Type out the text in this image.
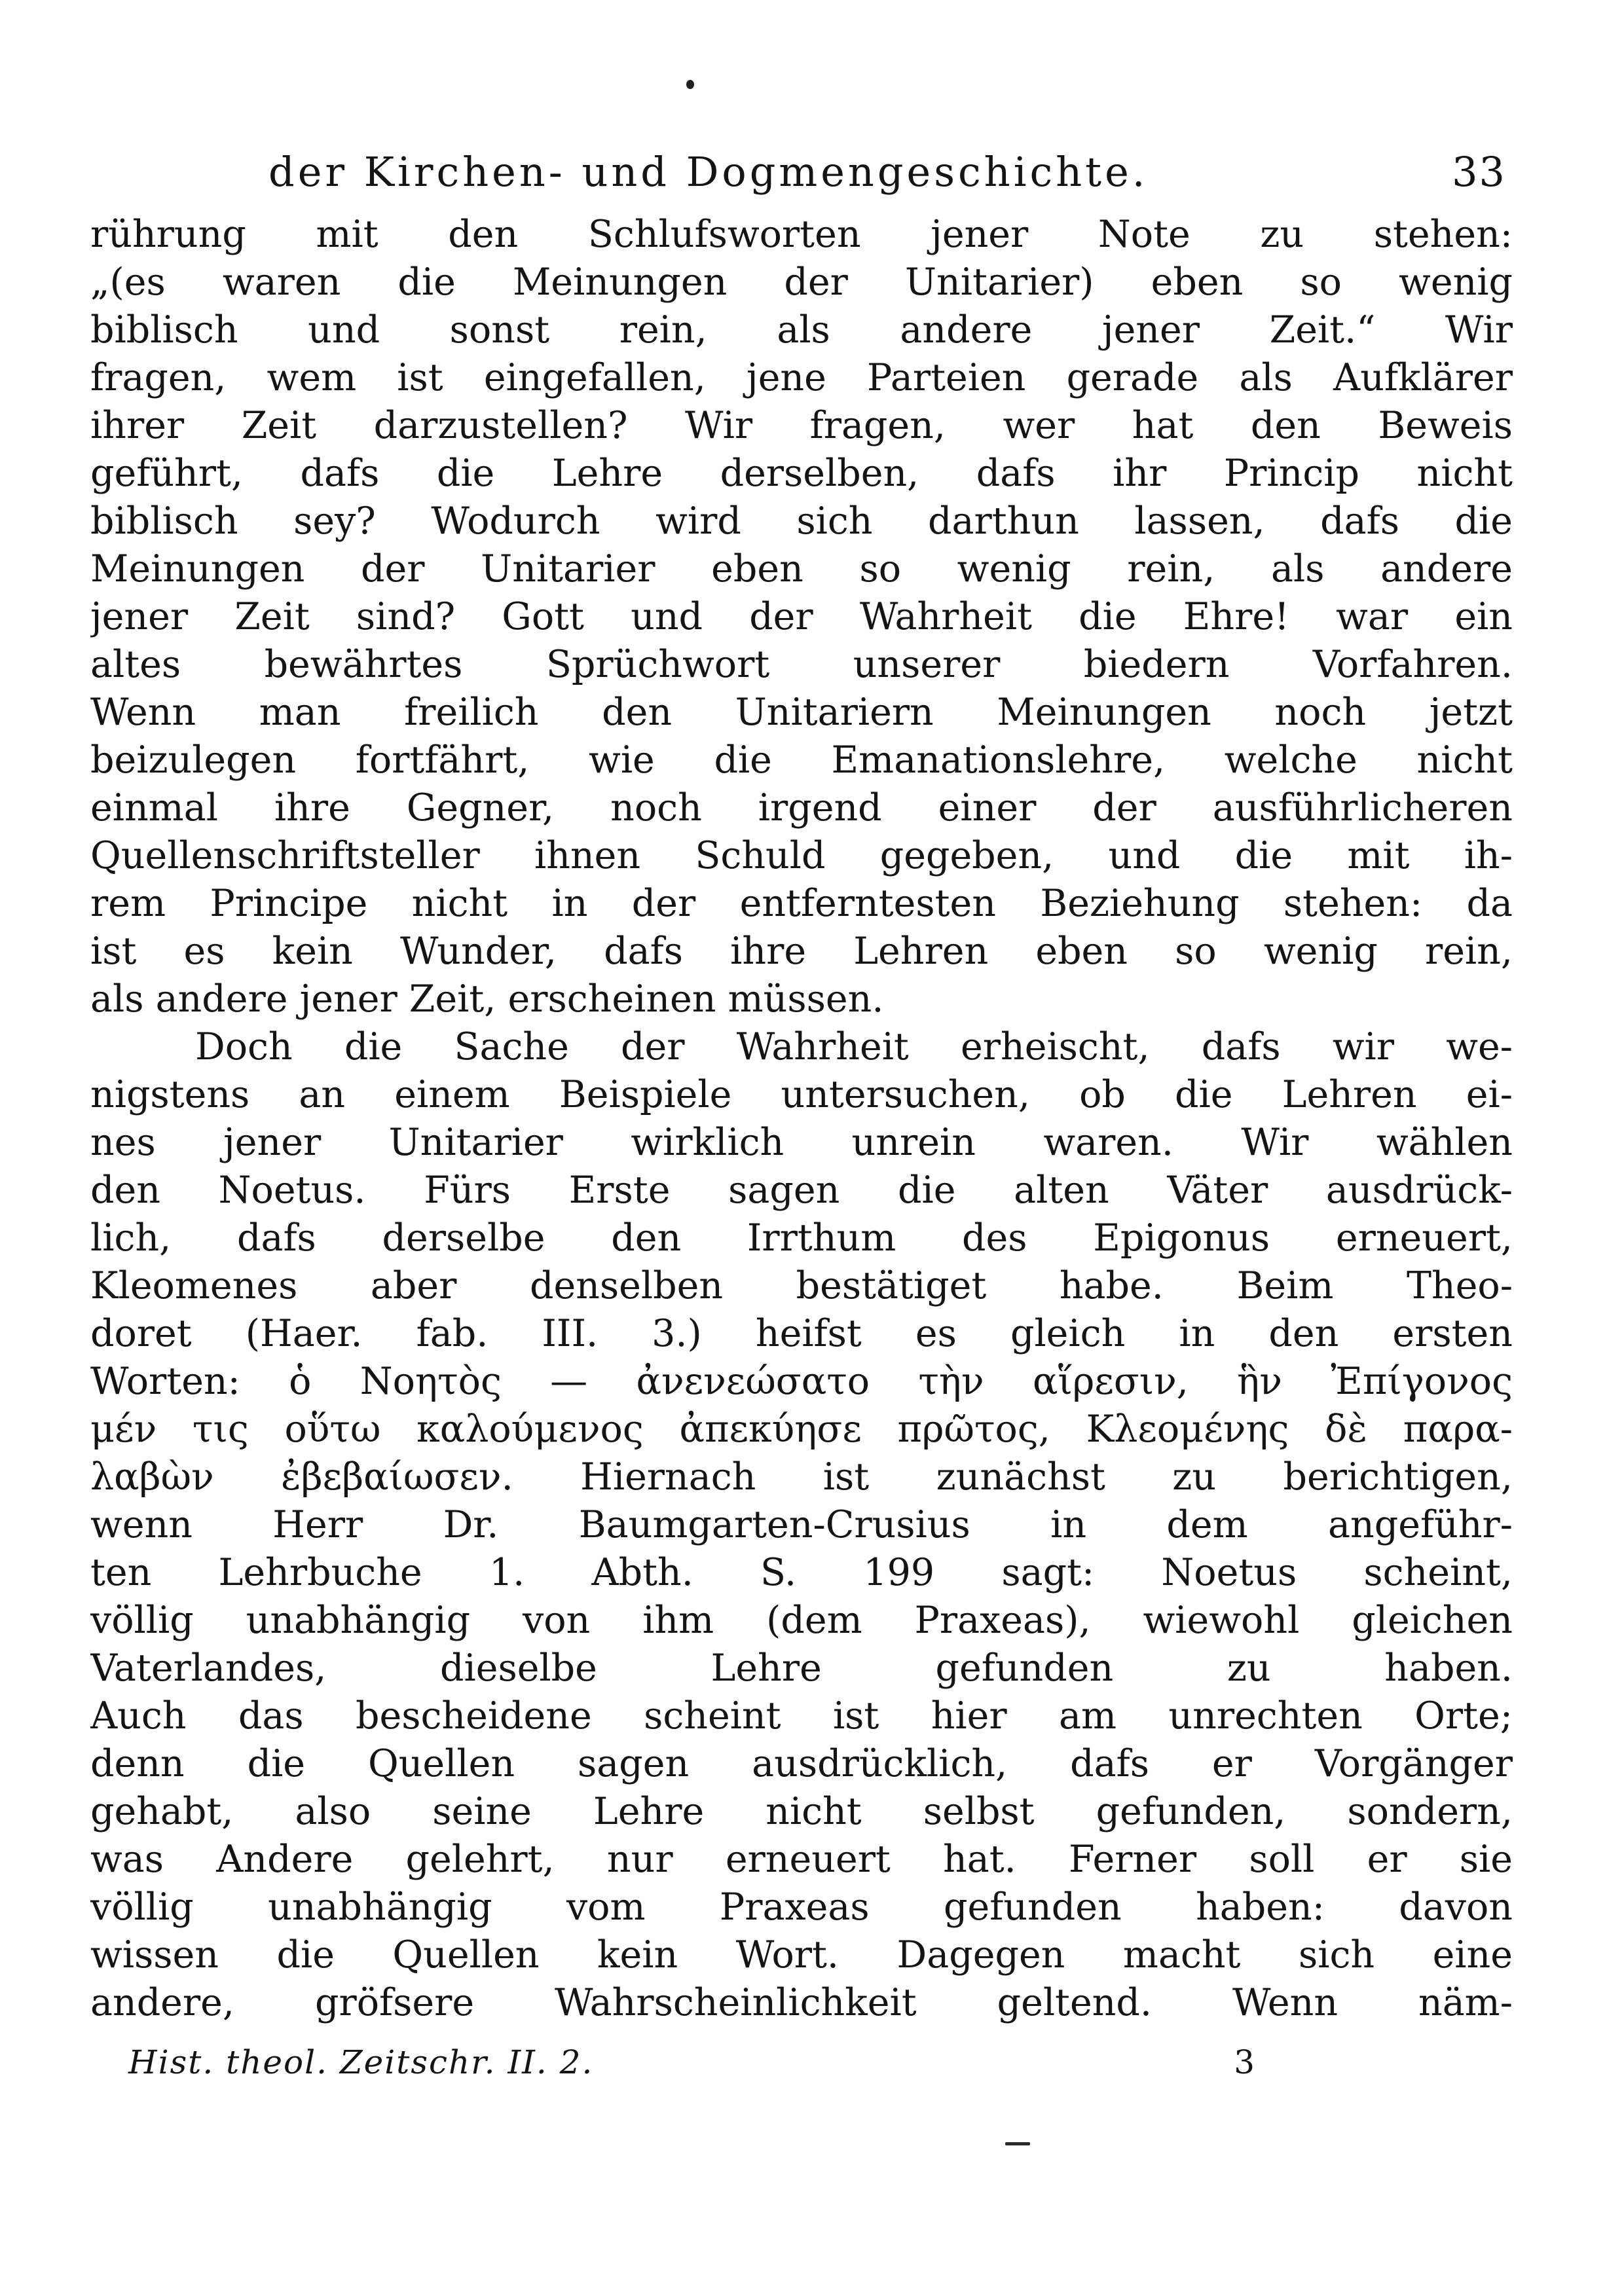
der Kirchen- und Dogmengeschichte.	33
rührung mit den Schlufsworten jener Note zu stehen:
„(es waren die Meinungen der Unitarier) eben so wenig
biblisch und sonst rein, als andere jener Zeit.“ Wir
fragen, wem ist eingefallen, jene Parteien gerade als Aufklärer
ihrer Zeit darzustellen? Wir fragen, wer hat den Beweis
geführt, dafs die Lehre derselben, dafs ihr Princip nicht
biblisch sey? Wodurch wird sich darthun lassen, dafs die
Meinungen der Unitarier eben so wenig rein, als andere
jener Zeit sind? Gott und der Wahrheit die Ehre! war ein
altes bewährtes Sprüchwort unserer biedern Vorfahren.
Wenn man freilich den Unitariern Meinungen noch jetzt
beizulegen fortfährt, wie die Emanationslehre, welche nicht
einmal ihre Gegner, noch irgend einer der ausführlicheren
Quellenschriftsteller ihnen Schuld gegeben, und die mit ih-
rem Principe nicht in der entferntesten Beziehung stehen: da
ist es kein Wunder, dafs ihre Lehren eben so wenig rein,
als andere jener Zeit, erscheinen müssen.
Doch die Sache der Wahrheit erheischt, dafs wir we-
nigstens an einem Beispiele untersuchen, ob die Lehren ei-
nes jener Unitarier wirklich unrein waren. Wir wählen
den Noetus. Fürs Erste sagen die alten Väter ausdrück-
lich, dafs derselbe den Irrthum des Epigonus erneuert,
Kleomenes aber denselben bestätiget habe. Beim Theo-
doret (Haer. fab. III. 3.) heifst es gleich in den ersten
Worten: ὁ Νοητὸς — ἀνενεώσατο τὴν αἵρεσιν, ἣν Ἐπίγονος
μέν τις οὕτω καλούμενος ἀπεκύησε πρῶτος, Κλεομένης δὲ παρα-
λαβὼν ἐβεβαίωσεν. Hiernach ist zunächst zu berichtigen,
wenn Herr Dr. Baumgarten-Crusius in dem angeführ-
ten Lehrbuche 1. Abth. S. 199 sagt: Noetus scheint,
völlig unabhängig von ihm (dem Praxeas), wiewohl gleichen
Vaterlandes, dieselbe Lehre gefunden zu haben.
Auch das bescheidene scheint ist hier am unrechten Orte;
denn die Quellen sagen ausdrücklich, dafs er Vorgänger
gehabt, also seine Lehre nicht selbst gefunden, sondern,
was Andere gelehrt, nur erneuert hat. Ferner soll er sie
völlig unabhängig vom Praxeas gefunden haben: davon
wissen die Quellen kein Wort. Dagegen macht sich eine
andere, gröfsere Wahrscheinlichkeit geltend. Wenn näm-
Hist. theol. Zeitschr. II. 2.	3
